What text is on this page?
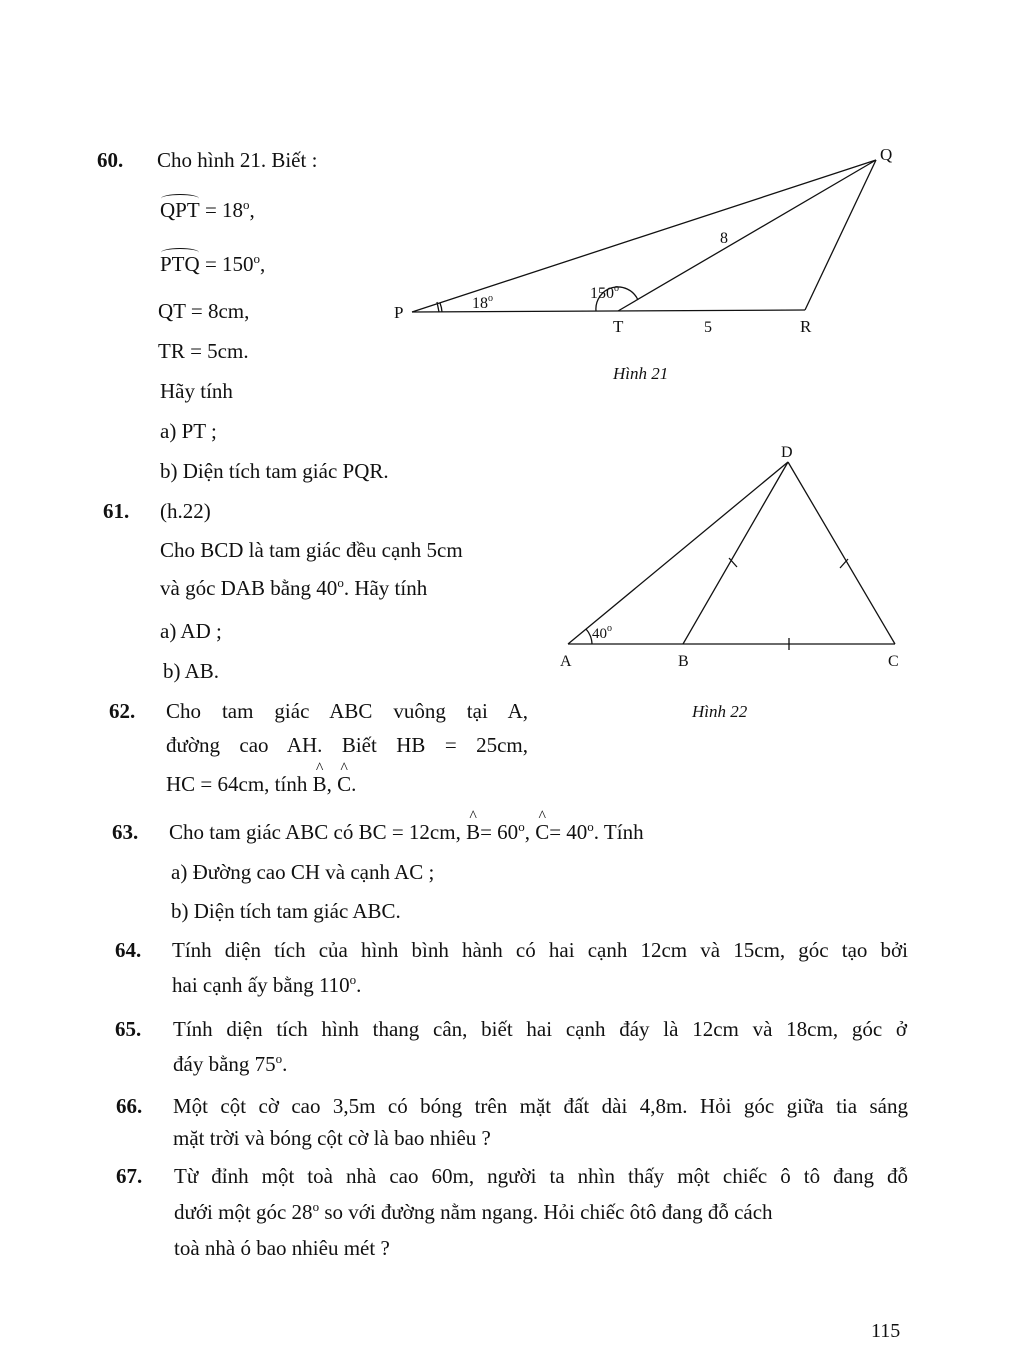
60. Cho hình 21. Biết :
QPT = $18^o$,
PTQ = $150^o$,
QT = 8cm,
TR = 5cm.
Hãy tính
a) PT ;
b) Diện tích tam giác PQR.
61. (h.22)
Cho BCD là tam giác đều cạnh 5cm
và góc DAB bằng 40$^o$. Hãy tính
a) AD ;
b) AB.
62. Cho tam giác ABC vuông tại A,
đường cao AH. Biết HB = 25cm,
HC = 64cm, tính ^ B, ^ C.
63. Cho tam giác ABC có BC = 12cm, ^ $B= 60^o$, ^ $C= 40^o$. Tính
a) Đường cao CH và cạnh AC ;
b) Diện tích tam giác ABC.
64. Tính diện tích của hình bình hành có hai cạnh 12cm và 15cm, góc tạo bởi
hai cạnh ấy bằng 110$^o$.
65. Tính diện tích hình thang cân, biết hai cạnh đáy là 12cm và 18cm, góc ở
đáy bằng 75$^o$.
66. Một cột cờ cao 3,5m có bóng trên mặt đất dài 4,8m. Hỏi góc giữa tia sáng
mặt trời và bóng cột cờ là bao nhiêu ?
67. Từ đỉnh một toà nhà cao 60m, người ta nhìn thấy một chiếc ô tô đang đỗ
dưới một góc 28$^o$ so với đường nằm ngang. Hỏi chiếc ôtô đang đỗ cách
toà nhà ó bao nhiêu mét ?
P
Q
T	R
18$^o$	150$^o$
8
5
Hình 21
A	B	C
D
40$^o$
Hình 22
115
